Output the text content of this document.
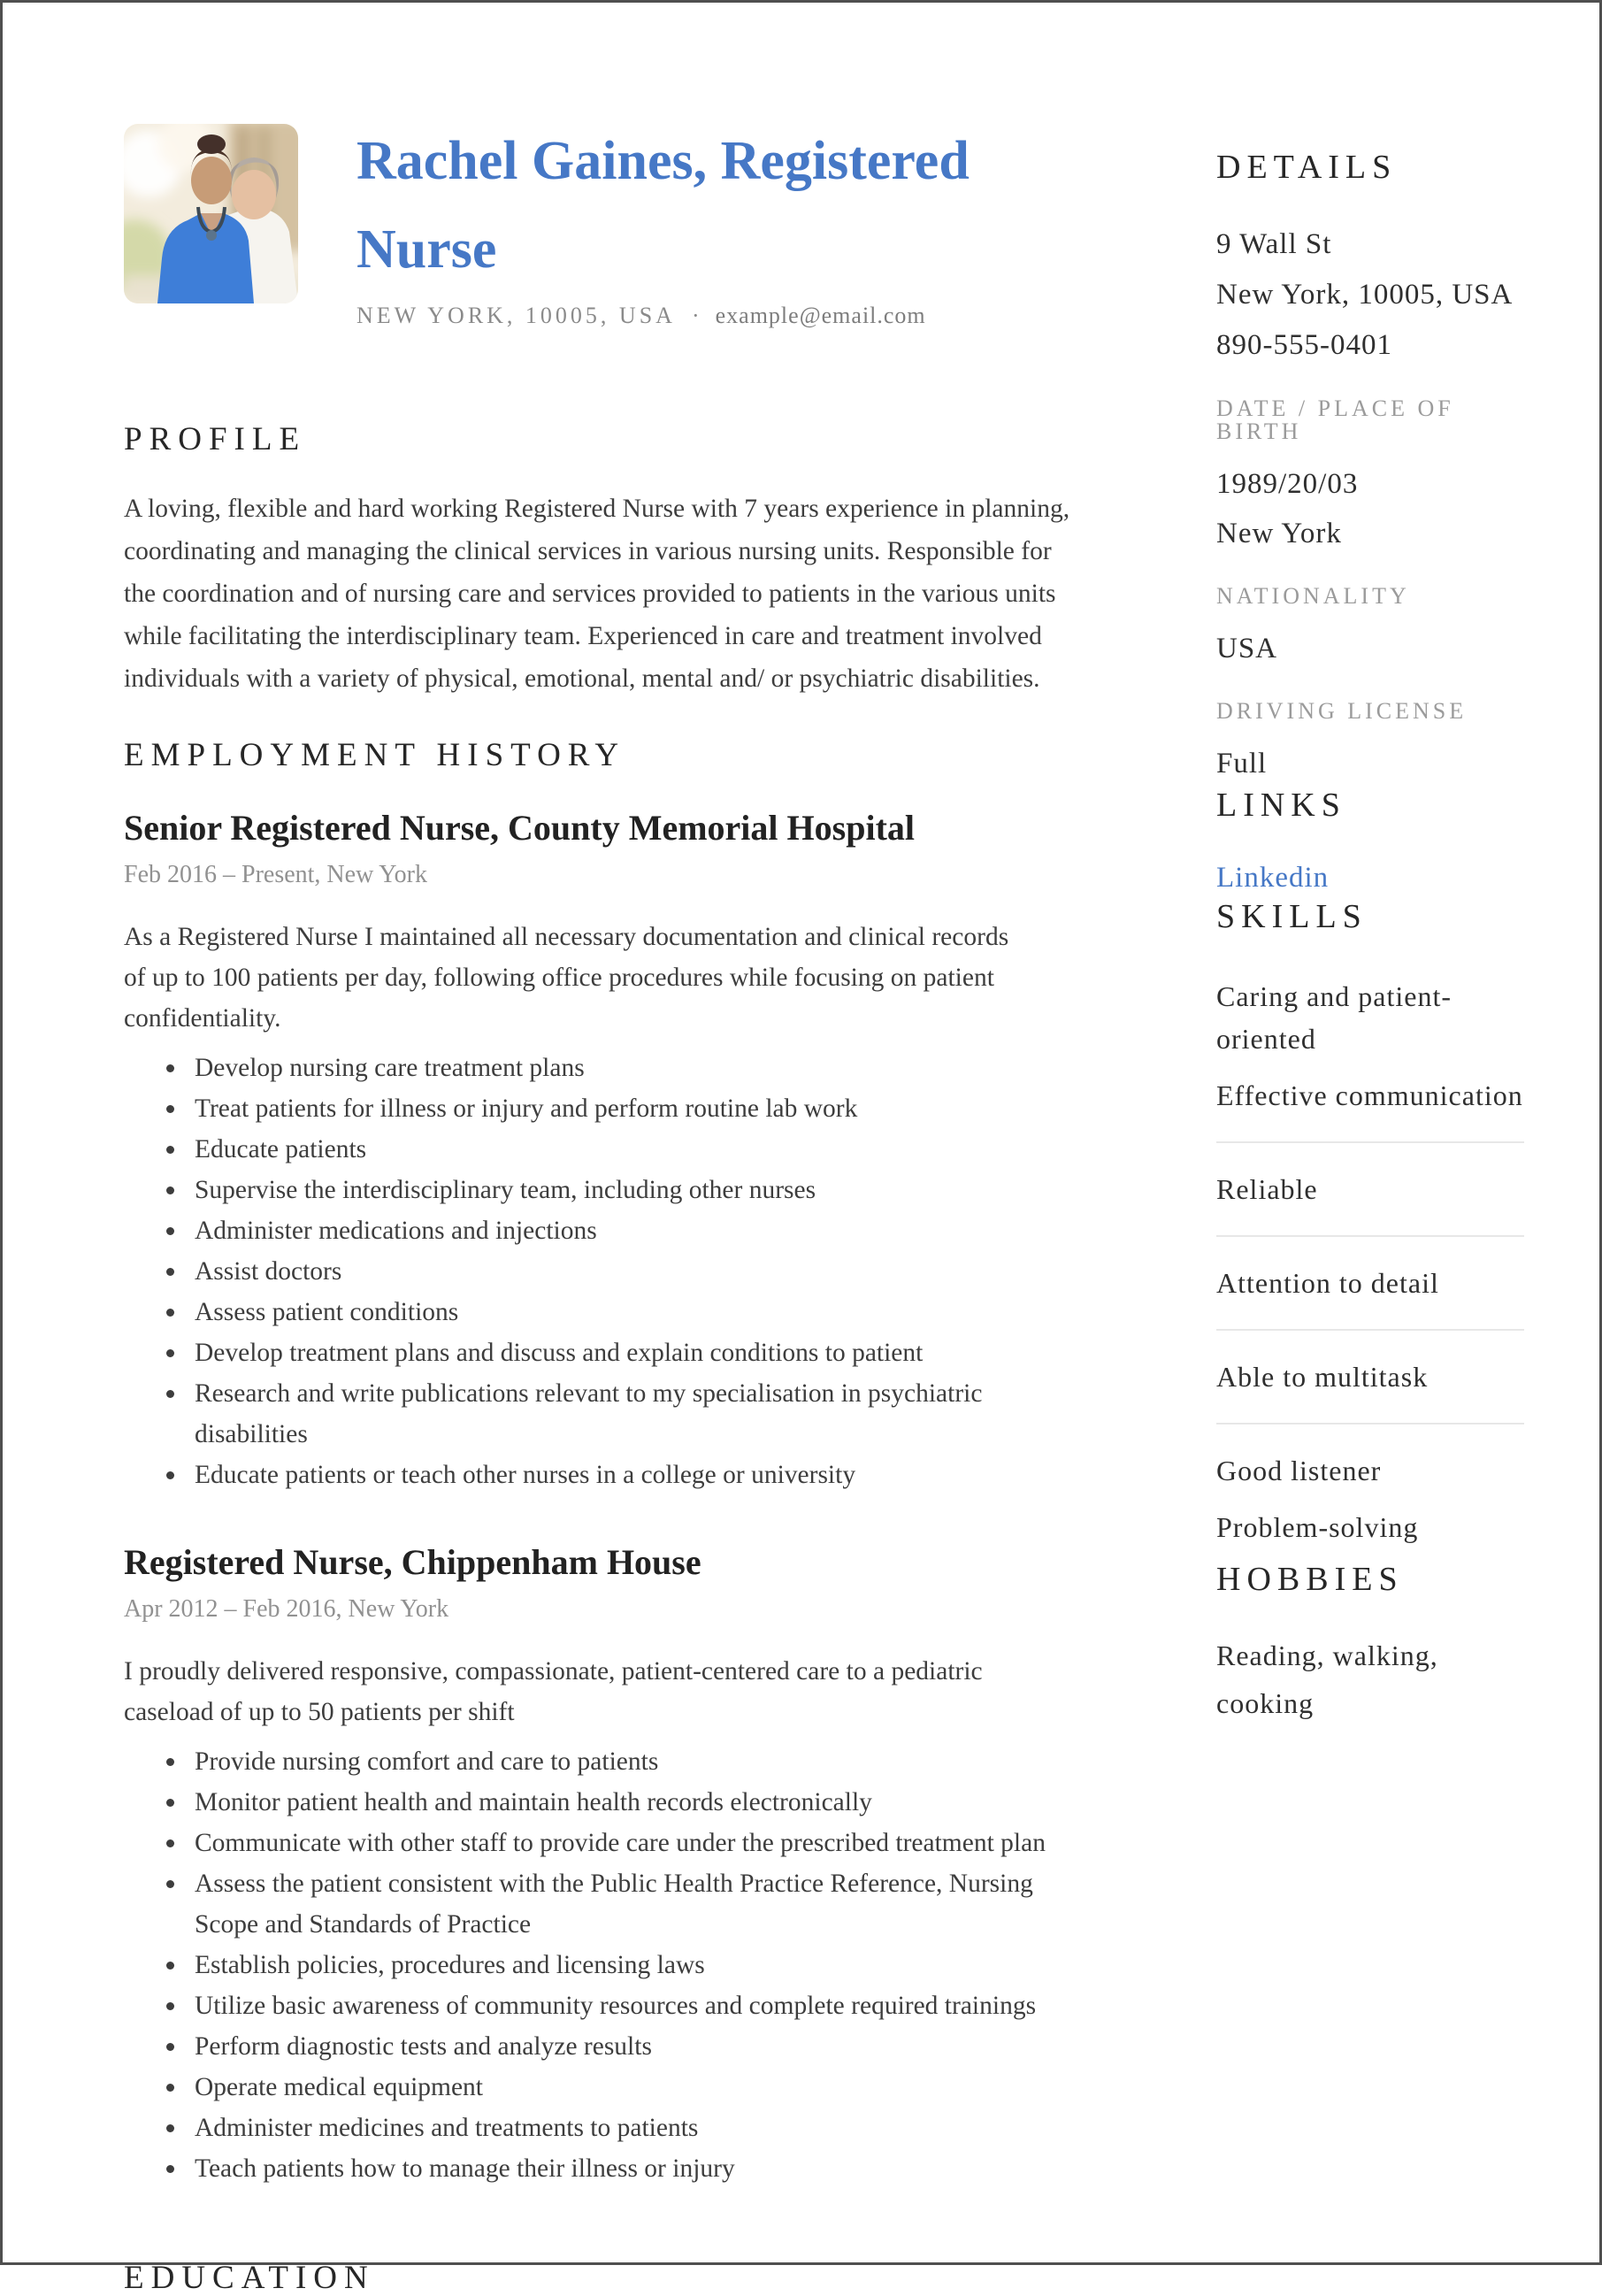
Rachel Gaines, Registered Nurse
NEW YORK, 10005, USA · example@email.com
PROFILE

A loving, flexible and hard working Registered Nurse with 7 years experience in planning, coordinating and managing the clinical services in various nursing units. Responsible for the coordination and of nursing care and services provided to patients in the various units while facilitating the interdisciplinary team. Experienced in care and treatment involved individuals with a variety of physical, emotional, mental and/ or psychiatric disabilities.

EMPLOYMENT HISTORY
Senior Registered Nurse, County Memorial Hospital
Feb 2016 – Present, New York

As a Registered Nurse I maintained all necessary documentation and clinical records of up to 100 patients per day, following office procedures while focusing on patient confidentiality.

Develop nursing care treatment plans
Treat patients for illness or injury and perform routine lab work
Educate patients
Supervise the interdisciplinary team, including other nurses
Administer medications and injections
Assist doctors
Assess patient conditions
Develop treatment plans and discuss and explain conditions to patient
Research and write publications relevant to my specialisation in psychiatric disabilities
Educate patients or teach other nurses in a college or university
Registered Nurse, Chippenham House
Apr 2012 – Feb 2016, New York

I proudly delivered responsive, compassionate, patient-centered care to a pediatric caseload of up to 50 patients per shift

Provide nursing comfort and care to patients
Monitor patient health and maintain health records electronically
Communicate with other staff to provide care under the prescribed treatment plan
Assess the patient consistent with the Public Health Practice Reference, Nursing Scope and Standards of Practice
Establish policies, procedures and licensing laws
Utilize basic awareness of community resources and complete required trainings
Perform diagnostic tests and analyze results
Operate medical equipment
Administer medicines and treatments to patients
Teach patients how to manage their illness or injury
EDUCATION
DETAILS
9 Wall St
New York, 10005, USA
890-555-0401
DATE / PLACE OF BIRTH
1989/20/03
New York
NATIONALITY
USA
DRIVING LICENSE
Full
LINKS
Linkedin
SKILLS
Caring and patient-oriented
Effective communication
Reliable
Attention to detail
Able to multitask
Good listener
Problem-solving
HOBBIES
Reading, walking, cooking
